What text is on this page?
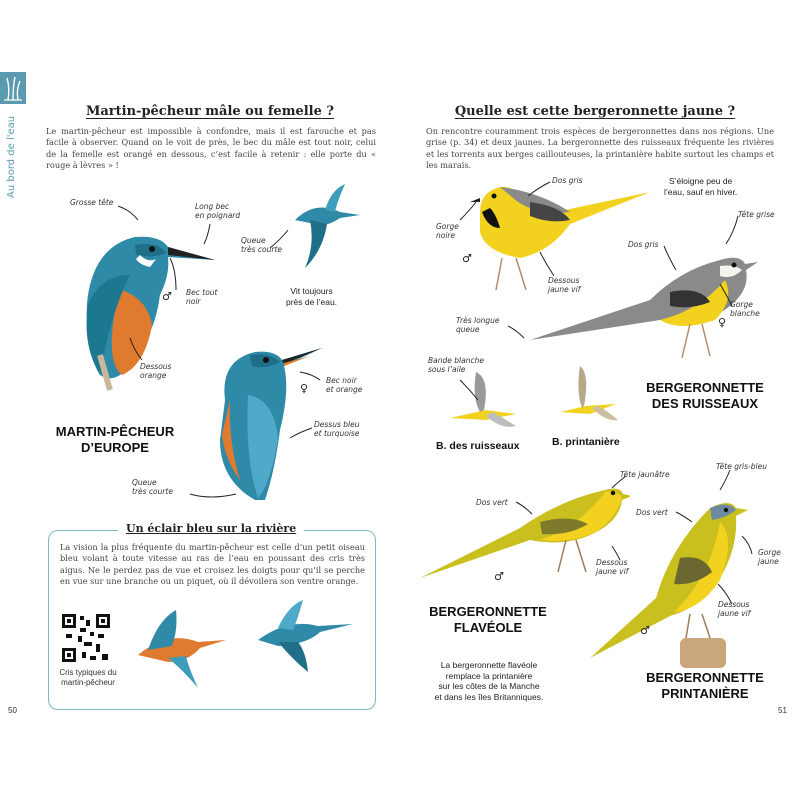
Au bord de l'eau
Martin-pêcheur mâle ou femelle ?
Le martin-pêcheur est impossible à confondre, mais il est farouche et pas facile à observer. Quand on le voit de près, le bec du mâle est tout noir, celui de la femelle est orangé en dessous, c’est facile à retenir : elle porte du « rouge à lèvres » !
Grosse tête	Long bec
en poignard
Queue
très courte
♂ Bec tout
noir
Vit toujours
près de l’eau.
Dessous
orange
♀
Bec noir
et orange
Dessus bleu
et turquoise
Queue
très courte
MARTIN-PÊCHEUR
D’EUROPE
Un éclair bleu sur la rivière
La vision la plus fréquente du martin-pêcheur est celle d’un petit oiseau bleu volant à toute vitesse au ras de l’eau en poussant des cris très aigus. Ne le perdez pas de vue et croisez les doigts pour qu’il se perche en vue sur une branche ou un piquet, où il dévoilera son ventre orange.
Cris typiques du
martin-pêcheur
50
Quelle est cette bergeronnette jaune ?
On rencontre couramment trois espèces de bergeronnettes dans nos régions. Une grise (p. 34) et deux jaunes. La bergeronnette des ruisseaux fréquente les rivières et les torrents aux berges caillouteuses, la printanière habite surtout les champs et les marais.
Dos gris	S’éloigne peu de
l’eau, sauf en hiver.
Gorge
noire
Tête grise
Dos gris
♂
Dessous
jaune vif
Gorge
blanche
♀
Très longue
queue
Bande blanche
sous l’aile
BERGERONNETTE
DES RUISSEAUX
B. des ruisseaux	B. printanière
Tête jaunâtre
Tête gris-bleu
Dos vert
Dos vert
Gorge
jaune
Dessous
jaune vif
♂
Dessous
jaune vif
♂
BERGERONNETTE
FLAVÉOLE
La bergeronnette flavéole
remplace la printanière
sur les côtes de la Manche
et dans les îles Britanniques.
BERGERONNETTE
PRINTANIÈRE
51
